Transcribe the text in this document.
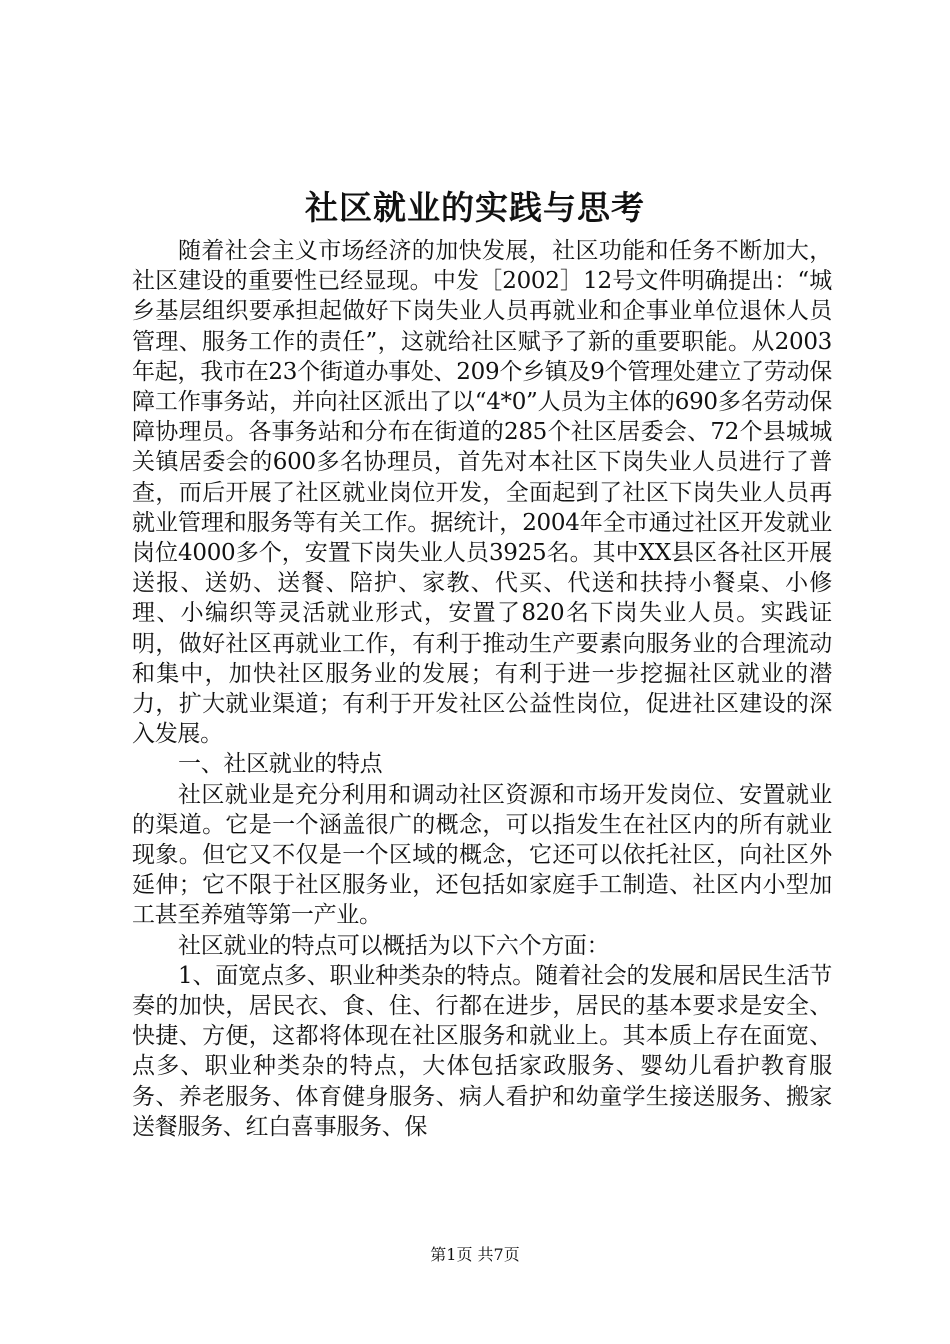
社区就业的实践与思考

随着社会主义市场经济的加快发展，社区功能和任务不断加大，社区建设的重要性已经显现。中发［2002］12号文件明确提出：“城乡基层组织要承担起做好下岗失业人员再就业和企事业单位退休人员管理、服务工作的责任”，这就给社区赋予了新的重要职能。从2003年起，我市在23个街道办事处、209个乡镇及9个管理处建立了劳动保障工作事务站，并向社区派出了以“4*0”人员为主体的690多名劳动保障协理员。各事务站和分布在街道的285个社区居委会、72个县城城关镇居委会的600多名协理员，首先对本社区下岗失业人员进行了普查，而后开展了社区就业岗位开发，全面起到了社区下岗失业人员再就业管理和服务等有关工作。据统计，2004年全市通过社区开发就业岗位4000多个，安置下岗失业人员3925名。其中XX县区各社区开展送报、送奶、送餐、陪护、家教、代买、代送和扶持小餐桌、小修理、小编织等灵活就业形式，安置了820名下岗失业人员。实践证明，做好社区再就业工作，有利于推动生产要素向服务业的合理流动和集中，加快社区服务业的发展；有利于进一步挖掘社区就业的潜力，扩大就业渠道；有利于开发社区公益性岗位，促进社区建设的深入发展。

一、社区就业的特点

社区就业是充分利用和调动社区资源和市场开发岗位、安置就业的渠道。它是一个涵盖很广的概念，可以指发生在社区内的所有就业现象。但它又不仅是一个区域的概念，它还可以依托社区，向社区外延伸；它不限于社区服务业，还包括如家庭手工制造、社区内小型加工甚至养殖等第一产业。

社区就业的特点可以概括为以下六个方面：

1、面宽点多、职业种类杂的特点。随着社会的发展和居民生活节奏的加快，居民衣、食、住、行都在进步，居民的基本要求是安全、快捷、方便，这都将体现在社区服务和就业上。其本质上存在面宽、点多、职业种类杂的特点，大体包括家政服务、婴幼儿看护教育服务、养老服务、体育健身服务、病人看护和幼童学生接送服务、搬家送餐服务、红白喜事服务、保

第1页 共7页
